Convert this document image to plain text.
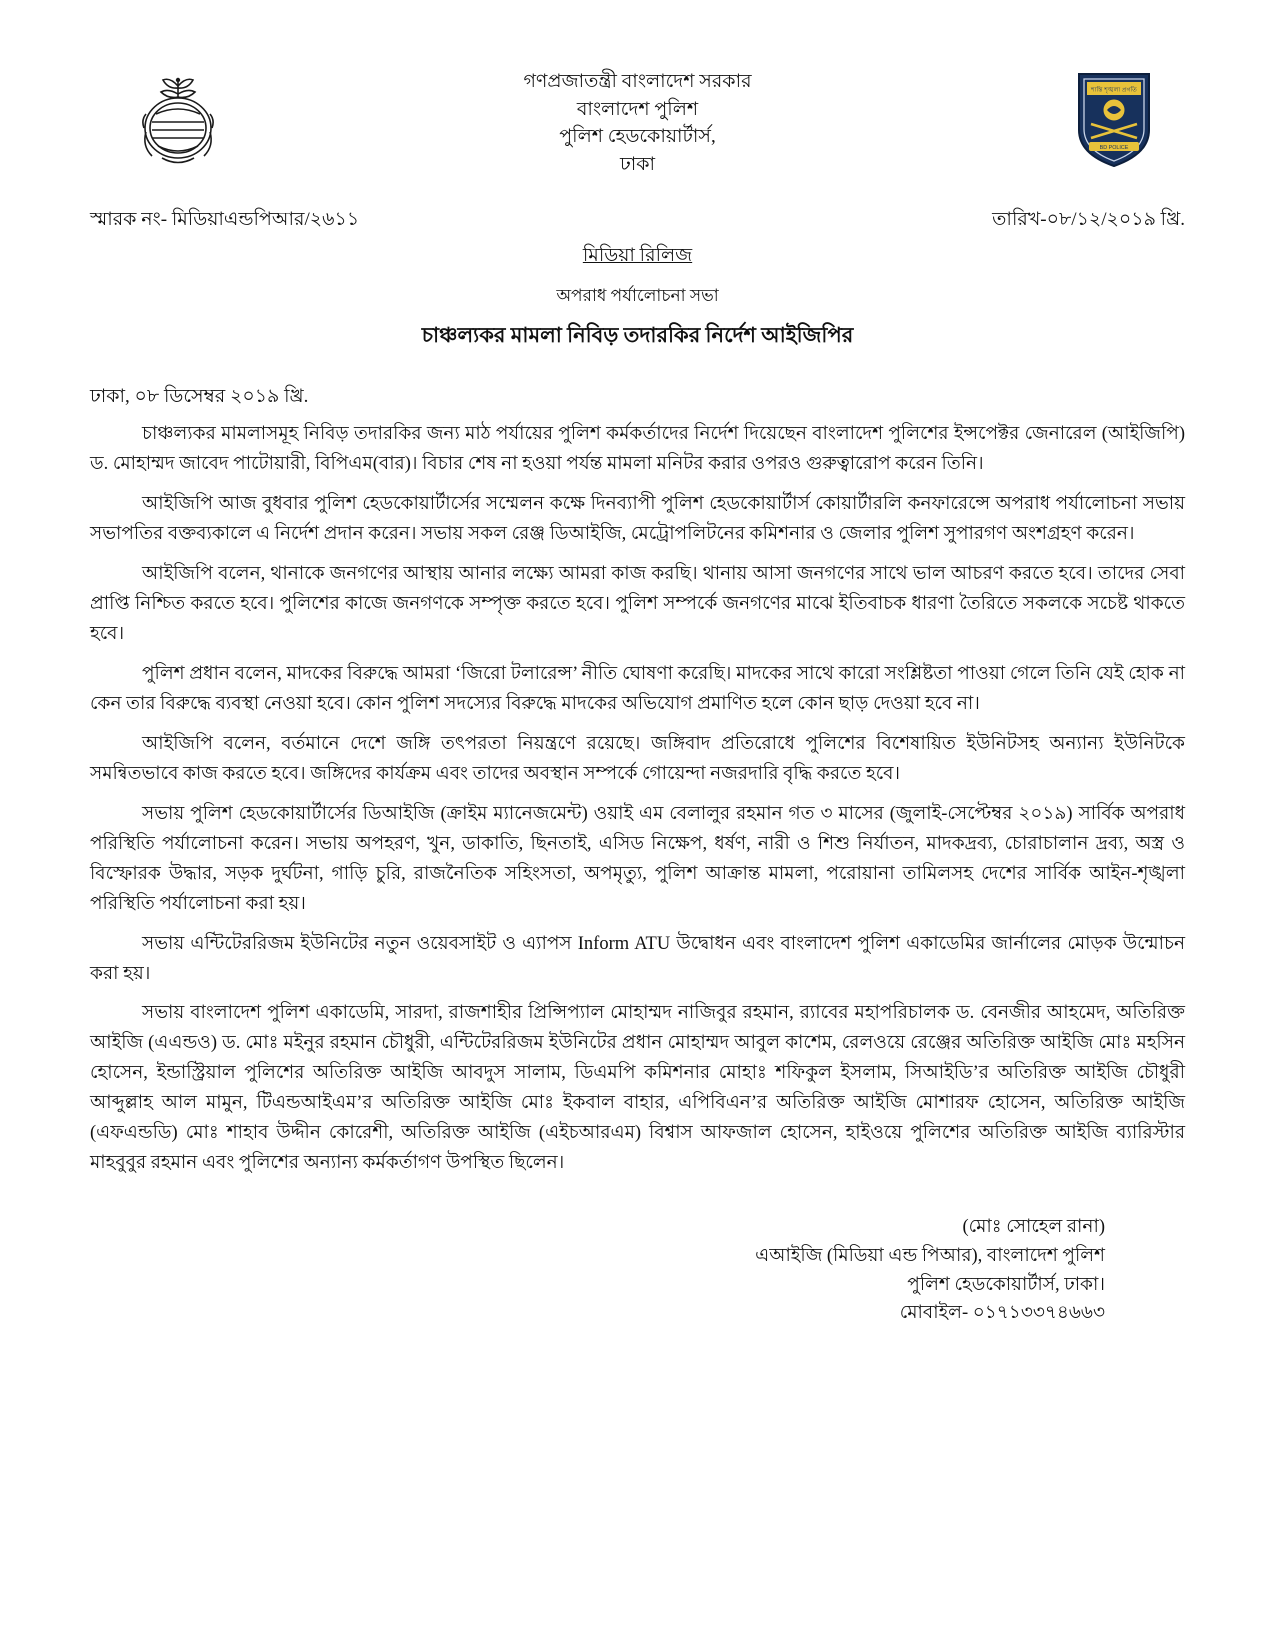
গণপ্রজাতন্ত্রী বাংলাদেশ সরকার
বাংলাদেশ পুলিশ
পুলিশ হেডকোয়ার্টার্স,
ঢাকা
শান্তি শৃঙ্খলা প্রগতি
BD POLICE
স্মারক নং- মিডিয়াএন্ডপিআর/২৬১১	তারিখ-০৮/১২/২০১৯ খ্রি.
মিডিয়া রিলিজ
অপরাধ পর্যালোচনা সভা
চাঞ্চল্যকর মামলা নিবিড় তদারকির নির্দেশ আইজিপির
ঢাকা, ০৮ ডিসেম্বর ২০১৯ খ্রি.

চাঞ্চল্যকর মামলাসমূহ নিবিড় তদারকির জন্য মাঠ পর্যায়ের পুলিশ কর্মকর্তাদের নির্দেশ দিয়েছেন বাংলাদেশ পুলিশের ইন্সপেক্টর জেনারেল (আইজিপি) ড. মোহাম্মদ জাবেদ পাটোয়ারী, বিপিএম(বার)। বিচার শেষ না হওয়া পর্যন্ত মামলা মনিটর করার ওপরও গুরুত্বারোপ করেন তিনি।

আইজিপি আজ বুধবার পুলিশ হেডকোয়ার্টার্সের সম্মেলন কক্ষে দিনব্যাপী পুলিশ হেডকোয়ার্টার্স কোয়ার্টারলি কনফারেন্সে অপরাধ পর্যালোচনা সভায় সভাপতির বক্তব্যকালে এ নির্দেশ প্রদান করেন। সভায় সকল রেঞ্জ ডিআইজি, মেট্রোপলিটনের কমিশনার ও জেলার পুলিশ সুপারগণ অংশগ্রহণ করেন।

আইজিপি বলেন, থানাকে জনগণের আস্থায় আনার লক্ষ্যে আমরা কাজ করছি। থানায় আসা জনগণের সাথে ভাল আচরণ করতে হবে। তাদের সেবা প্রাপ্তি নিশ্চিত করতে হবে। পুলিশের কাজে জনগণকে সম্পৃক্ত করতে হবে। পুলিশ সম্পর্কে জনগণের মাঝে ইতিবাচক ধারণা তৈরিতে সকলকে সচেষ্ট থাকতে হবে।

পুলিশ প্রধান বলেন, মাদকের বিরুদ্ধে আমরা ‘জিরো টলারেন্স’ নীতি ঘোষণা করেছি। মাদকের সাথে কারো সংশ্লিষ্টতা পাওয়া গেলে তিনি যেই হোক না কেন তার বিরুদ্ধে ব্যবস্থা নেওয়া হবে। কোন পুলিশ সদস্যের বিরুদ্ধে মাদকের অভিযোগ প্রমাণিত হলে কোন ছাড় দেওয়া হবে না।

আইজিপি বলেন, বর্তমানে দেশে জঙ্গি তৎপরতা নিয়ন্ত্রণে রয়েছে। জঙ্গিবাদ প্রতিরোধে পুলিশের বিশেষায়িত ইউনিটসহ অন্যান্য ইউনিটকে সমন্বিতভাবে কাজ করতে হবে। জঙ্গিদের কার্যক্রম এবং তাদের অবস্থান সম্পর্কে গোয়েন্দা নজরদারি বৃদ্ধি করতে হবে।

সভায় পুলিশ হেডকোয়ার্টার্সের ডিআইজি (ক্রাইম ম্যানেজমেন্ট) ওয়াই এম বেলালুর রহমান গত ৩ মাসের (জুলাই-সেপ্টেম্বর ২০১৯) সার্বিক অপরাধ পরিস্থিতি পর্যালোচনা করেন। সভায় অপহরণ, খুন, ডাকাতি, ছিনতাই, এসিড নিক্ষেপ, ধর্ষণ, নারী ও শিশু নির্যাতন, মাদকদ্রব্য, চোরাচালান দ্রব্য, অস্ত্র ও বিস্ফোরক উদ্ধার, সড়ক দুর্ঘটনা, গাড়ি চুরি, রাজনৈতিক সহিংসতা, অপমৃত্যু, পুলিশ আক্রান্ত মামলা, পরোয়ানা তামিলসহ দেশের সার্বিক আইন-শৃঙ্খলা পরিস্থিতি পর্যালোচনা করা হয়।

সভায় এন্টিটেররিজম ইউনিটের নতুন ওয়েবসাইট ও এ্যাপস Inform ATU উদ্বোধন এবং বাংলাদেশ পুলিশ একাডেমির জার্নালের মোড়ক উন্মোচন করা হয়।

সভায় বাংলাদেশ পুলিশ একাডেমি, সারদা, রাজশাহীর প্রিন্সিপ্যাল মোহাম্মদ নাজিবুর রহমান, র‍্যাবের মহাপরিচালক ড. বেনজীর আহমেদ, অতিরিক্ত আইজি (এএন্ডও) ড. মোঃ মইনুর রহমান চৌধুরী, এন্টিটেররিজম ইউনিটের প্রধান মোহাম্মদ আবুল কাশেম, রেলওয়ে রেঞ্জের অতিরিক্ত আইজি মোঃ মহসিন হোসেন, ইন্ডাস্ট্রিয়াল পুলিশের অতিরিক্ত আইজি আবদুস সালাম, ডিএমপি কমিশনার মোহাঃ শফিকুল ইসলাম, সিআইডি’র অতিরিক্ত আইজি চৌধুরী আব্দুল্লাহ আল মামুন, টিএন্ডআইএম’র অতিরিক্ত আইজি মোঃ ইকবাল বাহার, এপিবিএন’র অতিরিক্ত আইজি মোশারফ হোসেন, অতিরিক্ত আইজি (এফএন্ডডি) মোঃ শাহাব উদ্দীন কোরেশী, অতিরিক্ত আইজি (এইচআরএম) বিশ্বাস আফজাল হোসেন, হাইওয়ে পুলিশের অতিরিক্ত আইজি ব্যারিস্টার মাহবুবুর রহমান এবং পুলিশের অন্যান্য কর্মকর্তাগণ উপস্থিত ছিলেন।

(মোঃ সোহেল রানা)
এআইজি (মিডিয়া এন্ড পিআর), বাংলাদেশ পুলিশ
পুলিশ হেডকোয়ার্টার্স, ঢাকা।
মোবাইল- ০১৭১৩৩৭৪৬৬৩
